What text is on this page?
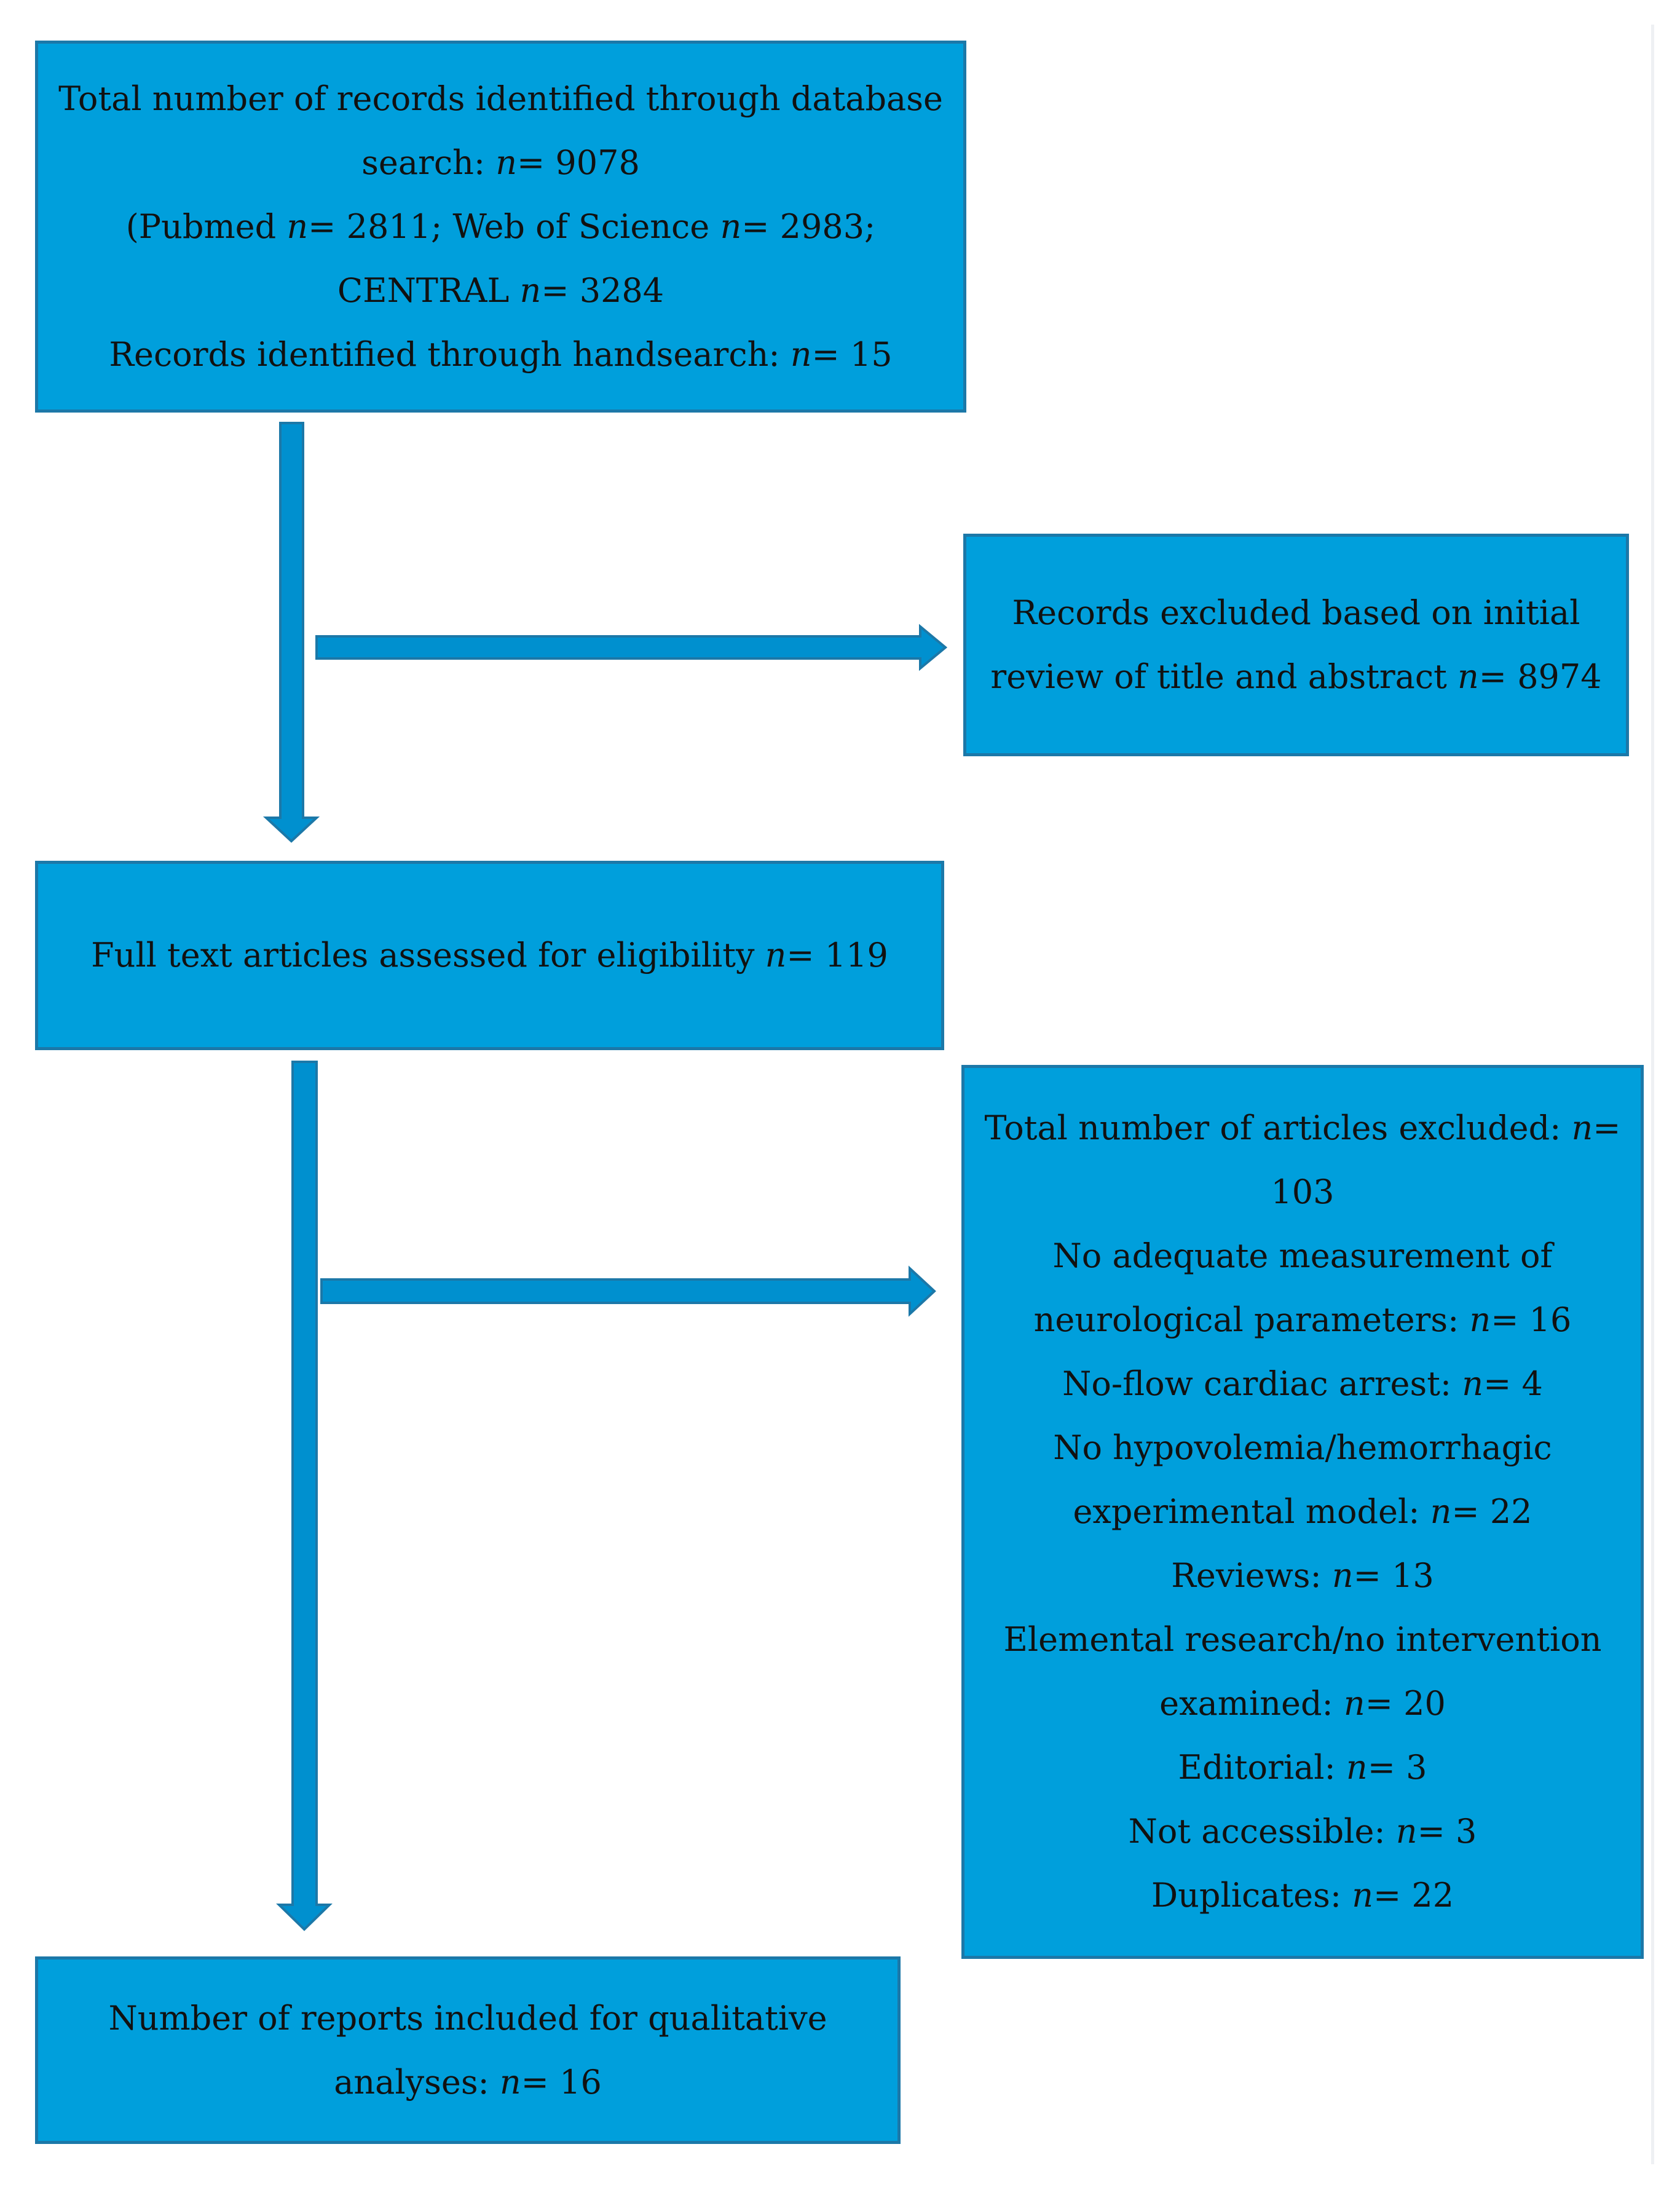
Total number of records identified through database
search: n= 9078
(Pubmed n= 2811; Web of Science n= 2983;
CENTRAL n= 3284
Records identified through handsearch: n= 15
Records excluded based on initial
review of title and abstract n= 8974
Full text articles assessed for eligibility n= 119
Total number of articles excluded: n=
103
No adequate measurement of
neurological parameters: n= 16
No-flow cardiac arrest: n= 4
No hypovolemia/hemorrhagic
experimental model: n= 22
Reviews: n= 13
Elemental research/no intervention
examined: n= 20
Editorial: n= 3
Not accessible: n= 3
Duplicates: n= 22
Number of reports included for qualitative
analyses: n= 16
